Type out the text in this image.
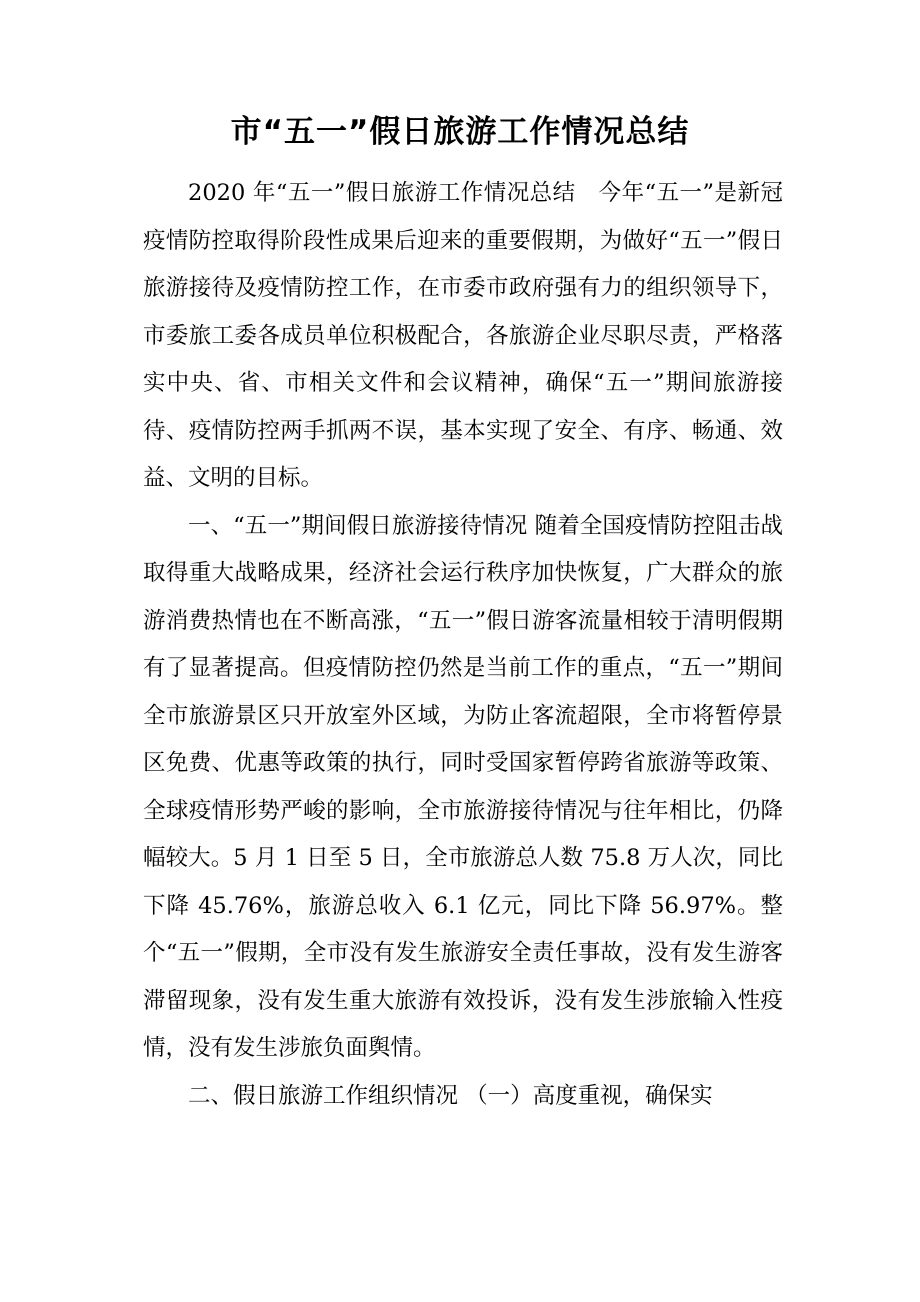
市“五一”假日旅游工作情况总结

2020 年“五一”假日旅游工作情况总结　今年“五一”是新冠疫情防控取得阶段性成果后迎来的重要假期，为做好“五一”假日旅游接待及疫情防控工作，在市委市政府强有力的组织领导下，市委旅工委各成员单位积极配合，各旅游企业尽职尽责，严格落实中央、省、市相关文件和会议精神，确保“五一”期间旅游接待、疫情防控两手抓两不误，基本实现了安全、有序、畅通、效益、文明的目标。

一、“五一”期间假日旅游接待情况 随着全国疫情防控阻击战取得重大战略成果，经济社会运行秩序加快恢复，广大群众的旅游消费热情也在不断高涨，“五一”假日游客流量相较于清明假期有了显著提高。但疫情防控仍然是当前工作的重点，“五一”期间全市旅游景区只开放室外区域，为防止客流超限，全市将暂停景区免费、优惠等政策的执行，同时受国家暂停跨省旅游等政策、全球疫情形势严峻的影响，全市旅游接待情况与往年相比，仍降幅较大。5 月 1 日至 5 日，全市旅游总人数 75.8 万人次，同比下降 45.76%，旅游总收入 6.1 亿元，同比下降 56.97%。整个“五一”假期，全市没有发生旅游安全责任事故，没有发生游客滞留现象，没有发生重大旅游有效投诉，没有发生涉旅输入性疫情，没有发生涉旅负面舆情。

二、假日旅游工作组织情况 （一）高度重视，确保实
